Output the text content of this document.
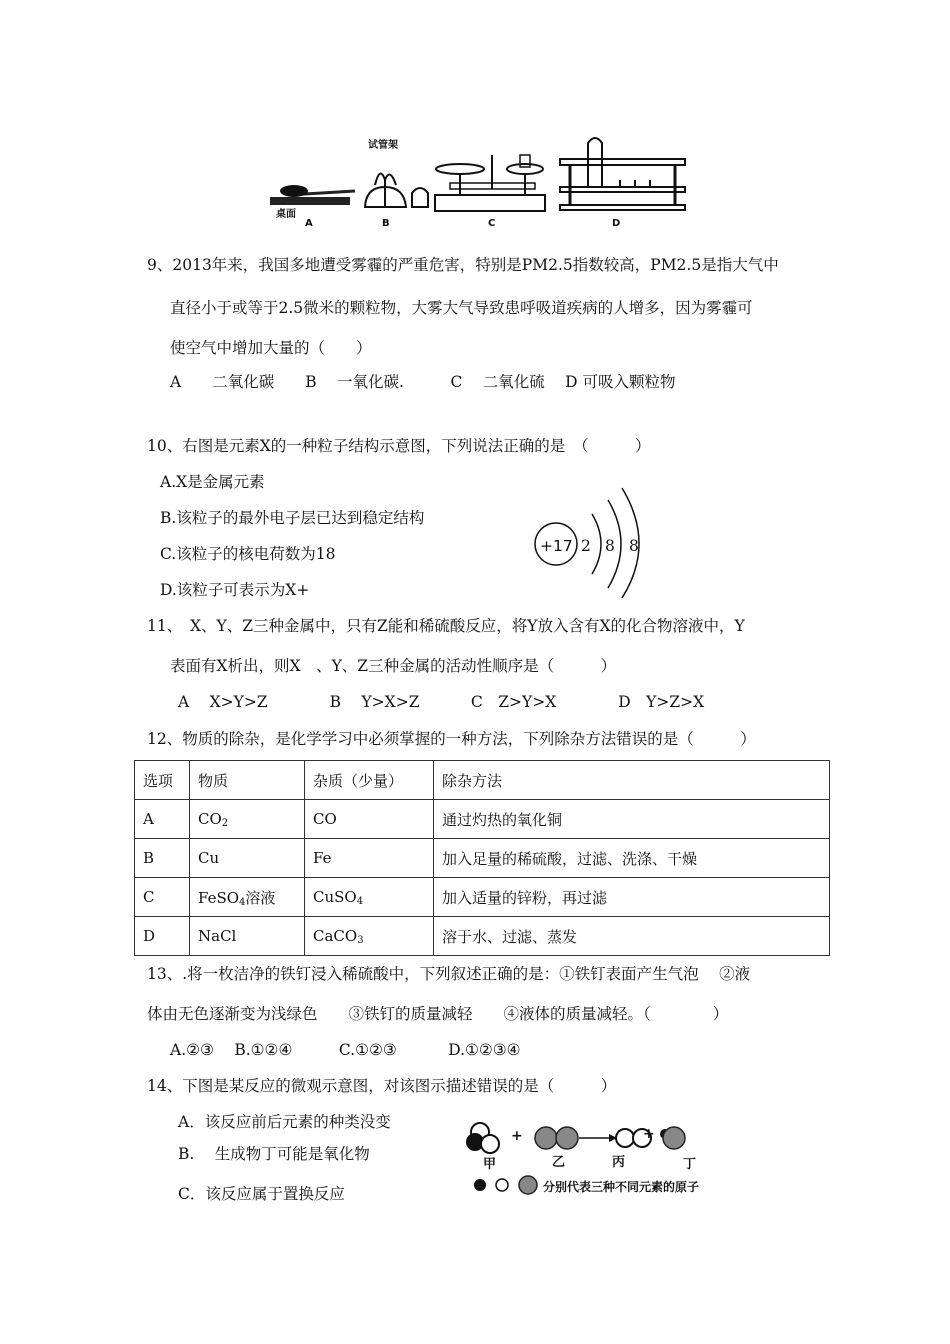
桌面
试管架
A	B	C	D
9、2013年来，我国多地遭受雾霾的严重危害，特别是PM2.5指数较高，PM2.5是指大气中
直径小于或等于2.5微米的颗粒物，大雾大气导致患呼吸道疾病的人增多，因为雾霾可
使空气中增加大量的（　　）
A　　二氧化碳　　B　 一氧化碳.　　　C　 二氧化硫　 D 可吸入颗粒物
10、右图是元素X的一种粒子结构示意图，下列说法正确的是　（　　　）
A.X是金属元素
B.该粒子的最外电子层已达到稳定结构
C.该粒子的核电荷数为18
D.该粒子可表示为X+
+17 2 8 8
11、　X、Y、Z三种金属中，只有Z能和稀硫酸反应，将Y放入含有X的化合物溶液中，Y
表面有X析出，则X　、Y、Z三种金属的活动性顺序是（　　　）
A　 X>Y>Z　　　　B　 Y>X>Z　　　 C　Z>Y>X　　　　D　Y>Z>X
12、物质的除杂，是化学学习中必须掌握的一种方法，下列除杂方法错误的是（　　　）
选项	物质	杂质（少量）	除杂方法
A	$CO_2$	CO	通过灼热的氧化铜
B	Cu	Fe	加入足量的稀硫酸，过滤、洗涤、干燥
C	FeSO$_4$溶液	CuSO$_4$	加入适量的锌粉，再过滤
D	NaCl	CaCO$_3$	溶于水、过滤、蒸发
13、.将一枚洁净的铁钉浸入稀硫酸中，下列叙述正确的是：①铁钉表面产生气泡　 ②液
体由无色逐渐变为浅绿色　　③铁钉的质量减轻　　④液体的质量减轻。（　　　　）
A.②③　 B.①②④　　　C.①②③　　　 D.①②③④
14、下图是某反应的微观示意图，对该图示描述错误的是（　　　）
A．该反应前后元素的种类没变
B.　 生成物丁可能是氧化物
C．该反应属于置换反应
+	+
甲	乙	丙	丁
分别代表三种不同元素的原子
